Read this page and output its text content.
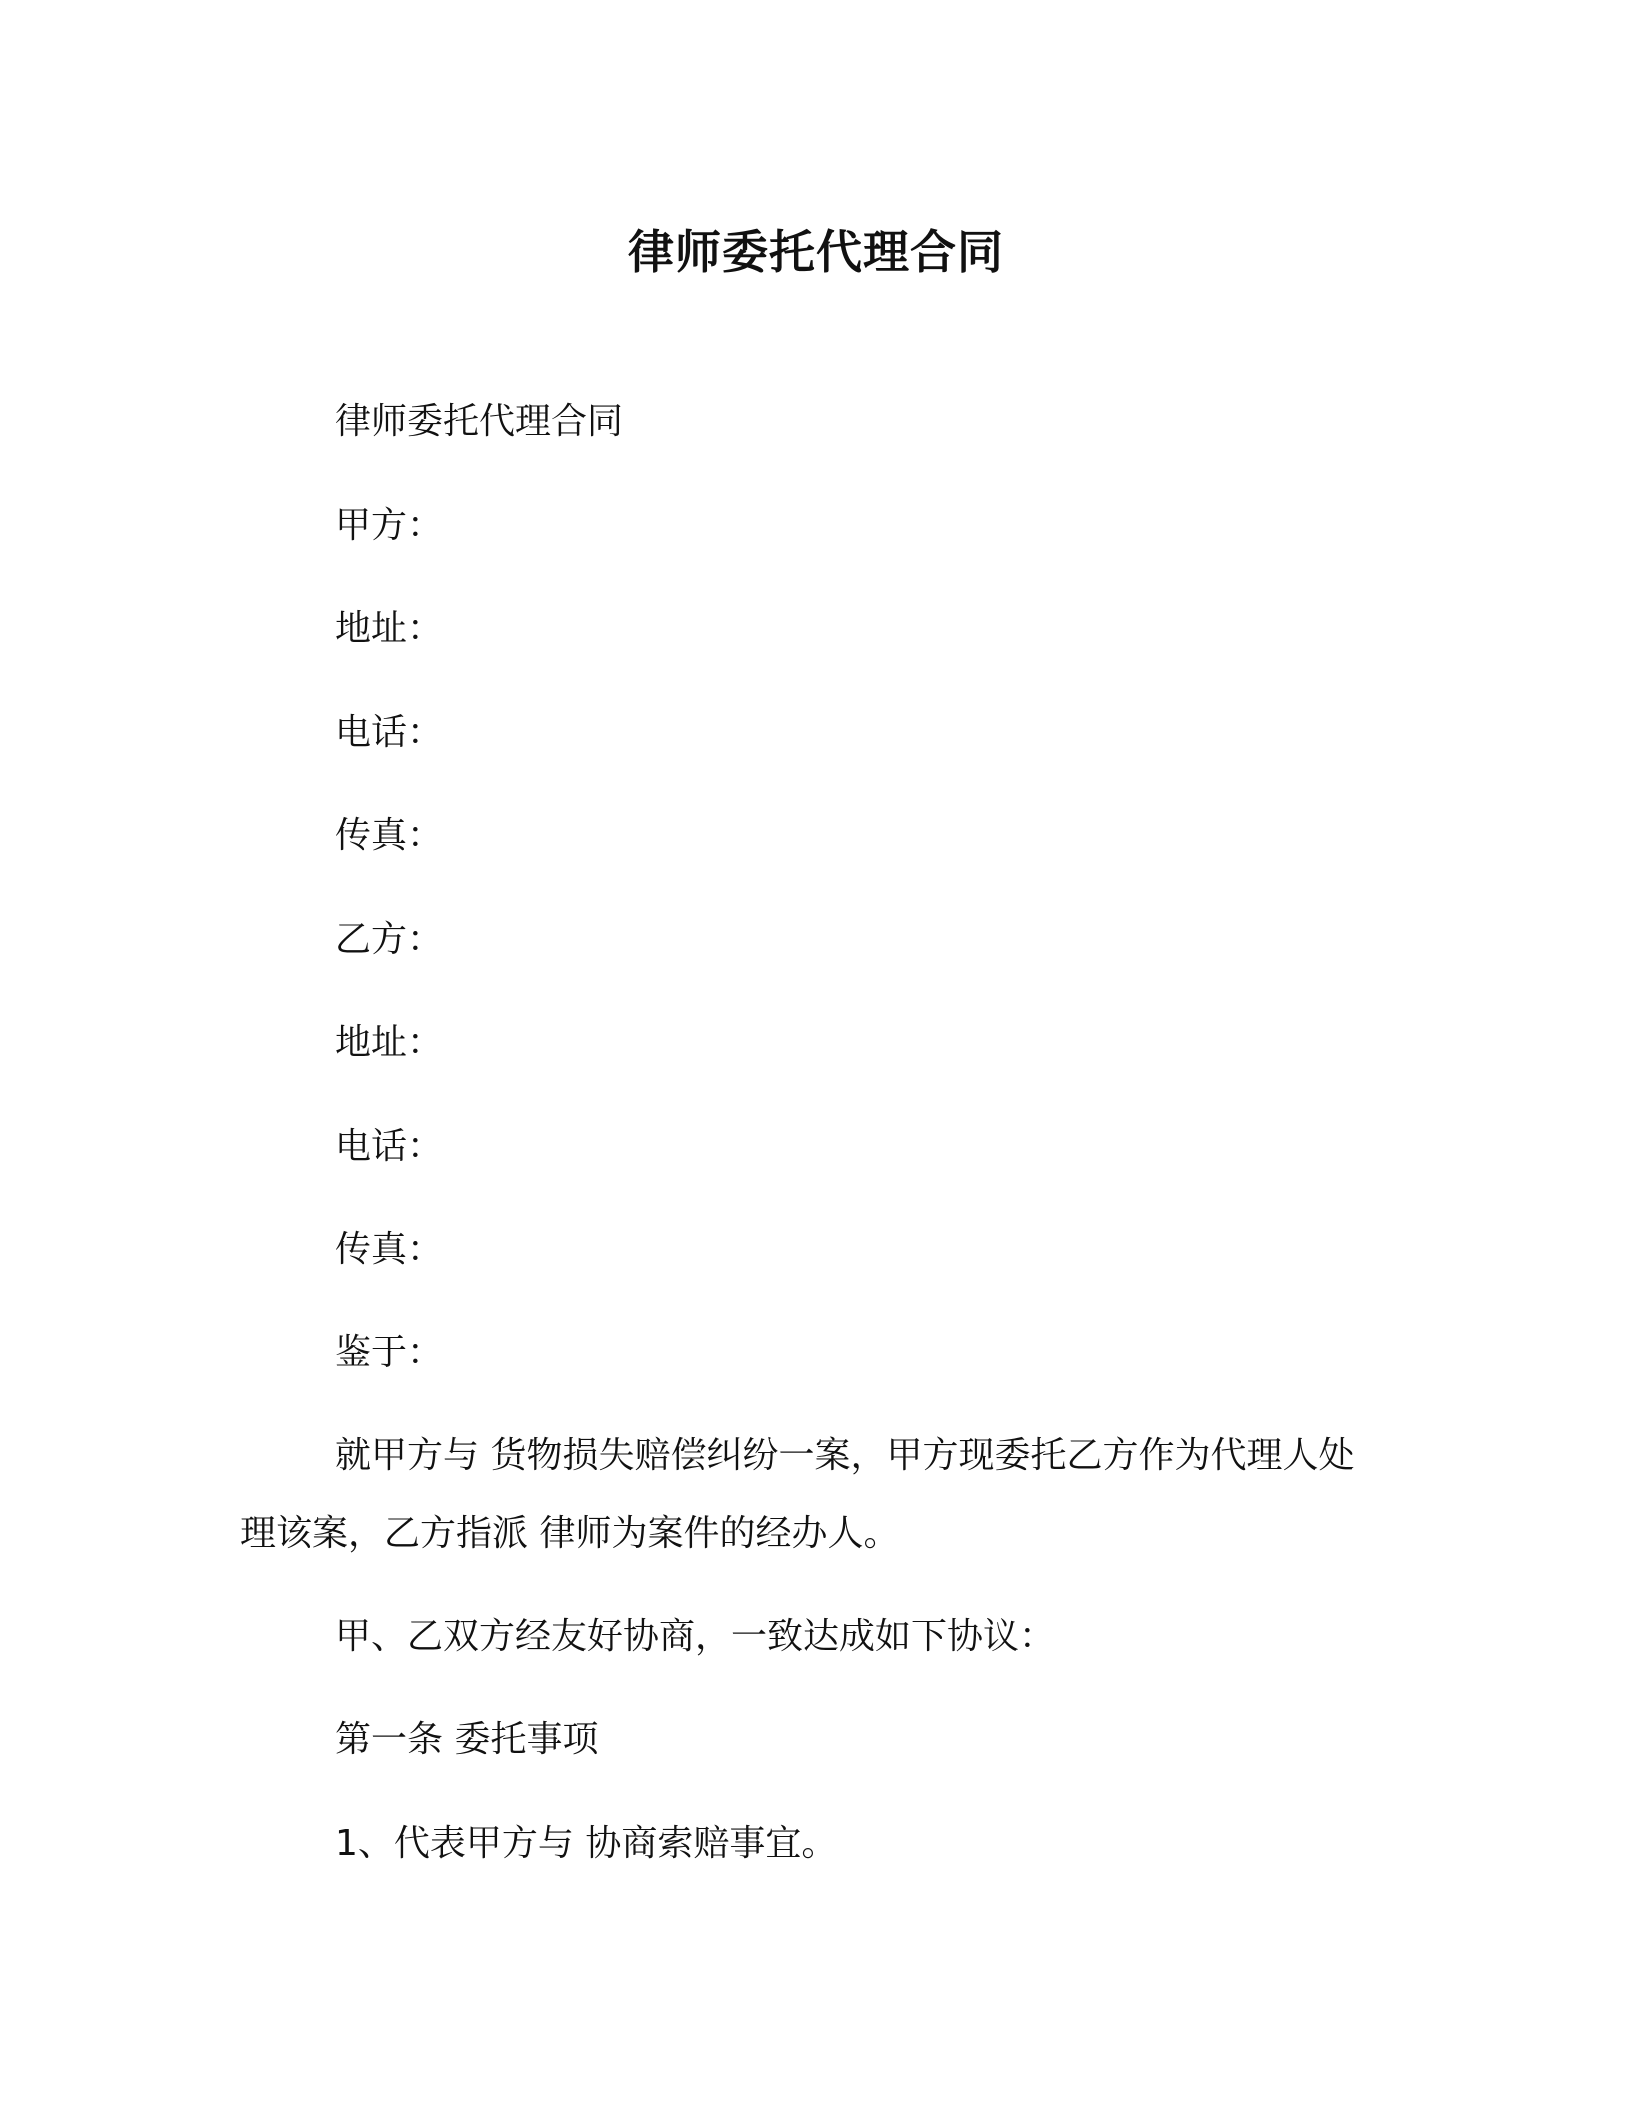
律师委托代理合同
律师委托代理合同
甲方：
地址：
电话：
传真：
乙方：
地址：
电话：
传真：
鉴于：
就甲方与 货物损失赔偿纠纷一案，甲方现委托乙方作为代理人处理该案，乙方指派 律师为案件的经办人。
甲、乙双方经友好协商，一致达成如下协议：
第一条 委托事项
1、代表甲方与 协商索赔事宜。
